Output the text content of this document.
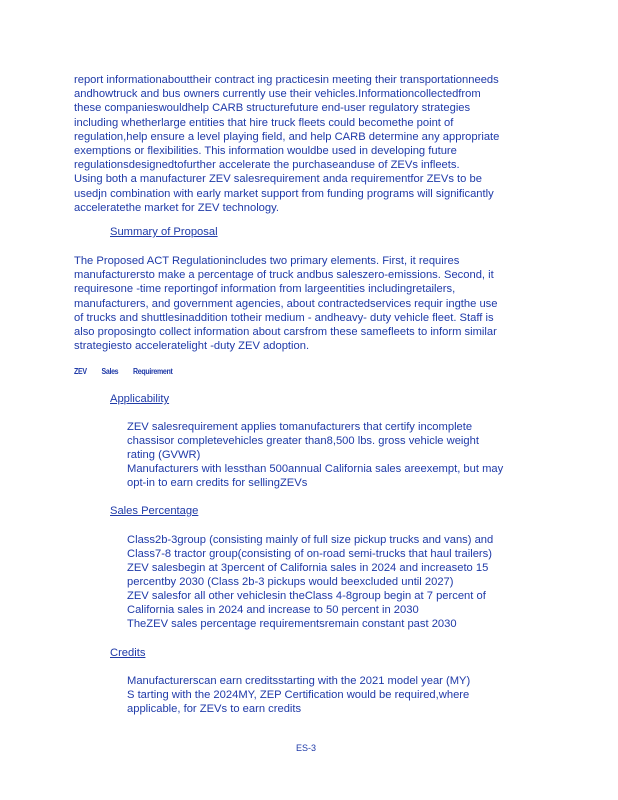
report informationabouttheir contract ing practicesin meeting their transportationneeds
andhowtruck and bus owners currently use their vehicles.Informationcollectedfrom
these companieswouldhelp CARB structurefuture end-user regulatory strategies
including whetherlarge entities that hire truck fleets could becomethe point of
regulation,help ensure a level playing field, and help CARB determine any appropriate
exemptions or flexibilities. This information wouldbe used in developing future
regulationsdesignedtofurther accelerate the purchaseanduse of ZEVs infleets.
Using both a manufacturer ZEV salesrequirement anda requirementfor ZEVs to be
usedjn combination with early market support from funding programs will significantly
acceleratethe market for ZEV technology.

Summary of Proposal

The Proposed ACT Regulationincludes two primary elements. First, it requires
manufacturersto make a percentage of truck andbus saleszero-emissions. Second, it
requiresone -time reportingof information from largeentities includingretailers,
manufacturers, and government agencies, about contractedservices requir ingthe use
of trucks and shuttlesinaddition totheir medium - andheavy- duty vehicle fleet. Staff is
also proposingto collect information about carsfrom these samefleets to inform similar
strategiesto acceleratelight -duty ZEV adoption.

ZEV Sales Requirement

Applicability

ZEV salesrequirement applies tomanufacturers that certify incomplete
chassisor completevehicles greater than8,500 lbs. gross vehicle weight
rating (GVWR)
Manufacturers with lessthan 500annual California sales areexempt, but may
opt-in to earn credits for sellingZEVs

Sales Percentage

Class2b-3group (consisting mainly of full size pickup trucks and vans) and
Class7-8 tractor group(consisting of on-road semi-trucks that haul trailers)
ZEV salesbegin at 3percent of California sales in 2024 and increaseto 15
percentby 2030 (Class 2b-3 pickups would beexcluded until 2027)
ZEV salesfor all other vehiclesin theClass 4-8group begin at 7 percent of
California sales in 2024 and increase to 50 percent in 2030
TheZEV sales percentage requirementsremain constant past 2030

Credits

Manufacturerscan earn creditsstarting with the 2021 model year (MY)
S tarting with the 2024MY, ZEP Certification would be required,where
applicable, for ZEVs to earn credits

ES-3
